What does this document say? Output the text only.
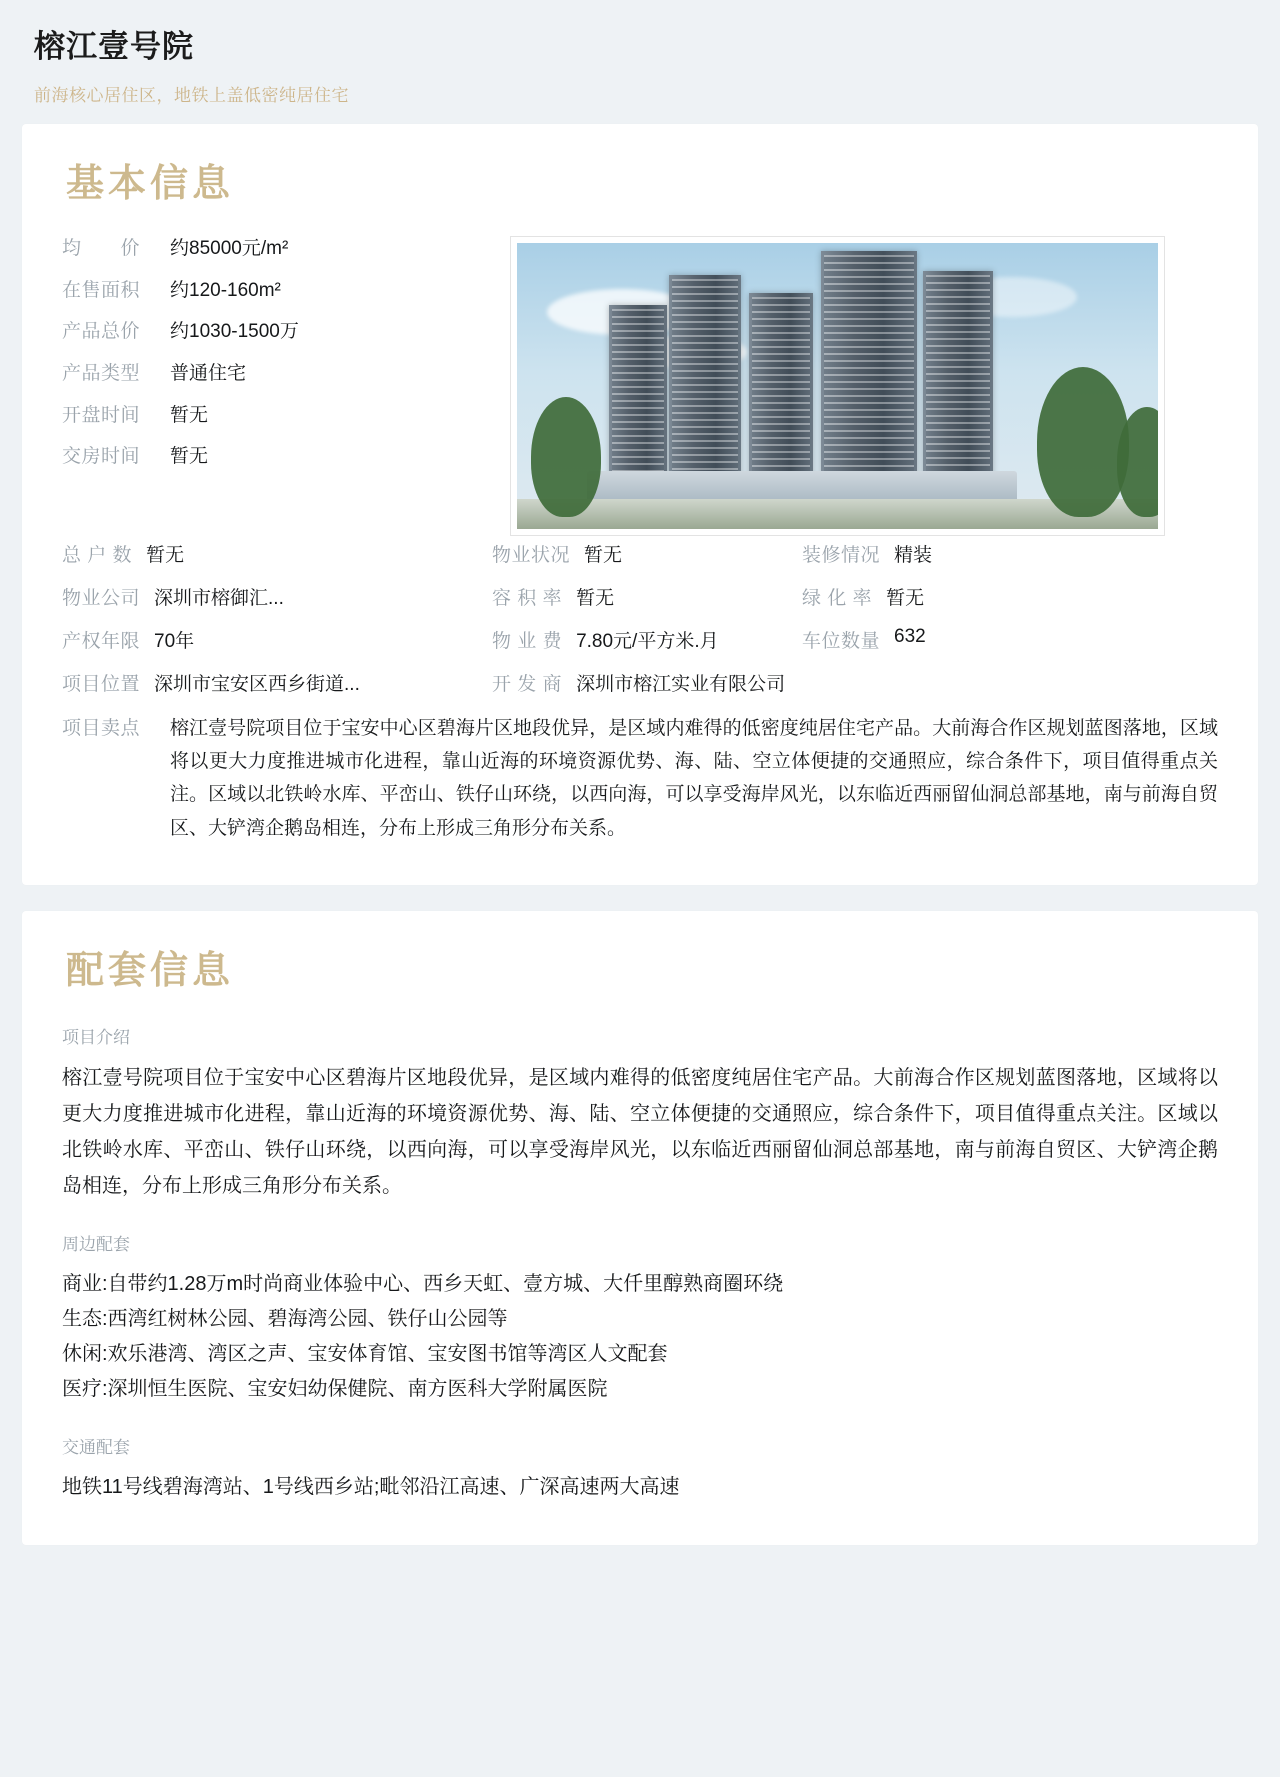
榕江壹号院

前海核心居住区，地铁上盖低密纯居住宅

基本信息
均　　价	约85000元/m²
在售面积	约120-160m²
产品总价	约1030-1500万
产品类型	普通住宅
开盘时间	暂无
交房时间	暂无
总 户 数 暂无	物业状况 暂无	装修情况 精装
物业公司 深圳市榕御汇...	容 积 率 暂无	绿 化 率 暂无
产权年限 70年	物 业 费 7.80元/平方米.月	车位数量 632
项目位置 深圳市宝安区西乡街道...	开 发 商 深圳市榕江实业有限公司
项目卖点	榕江壹号院项目位于宝安中心区碧海片区地段优异，是区域内难得的低密度纯居住宅产品。大前海合作区规划蓝图落地，区域将以更大力度推进城市化进程，靠山近海的环境资源优势、海、陆、空立体便捷的交通照应，综合条件下，项目值得重点关注。区域以北铁岭水库、平峦山、铁仔山环绕，以西向海，可以享受海岸风光，以东临近西丽留仙洞总部基地，南与前海自贸区、大铲湾企鹅岛相连，分布上形成三角形分布关系。
配套信息
项目介绍

榕江壹号院项目位于宝安中心区碧海片区地段优异，是区域内难得的低密度纯居住宅产品。大前海合作区规划蓝图落地，区域将以更大力度推进城市化进程，靠山近海的环境资源优势、海、陆、空立体便捷的交通照应，综合条件下，项目值得重点关注。区域以北铁岭水库、平峦山、铁仔山环绕，以西向海，可以享受海岸风光，以东临近西丽留仙洞总部基地，南与前海自贸区、大铲湾企鹅岛相连，分布上形成三角形分布关系。

周边配套

商业:自带约1.28万m时尚商业体验中心、西乡天虹、壹方城、大仟里醇熟商圈环绕

生态:西湾红树林公园、碧海湾公园、铁仔山公园等

休闲:欢乐港湾、湾区之声、宝安体育馆、宝安图书馆等湾区人文配套

医疗:深圳恒生医院、宝安妇幼保健院、南方医科大学附属医院

交通配套

地铁11号线碧海湾站、1号线西乡站;毗邻沿江高速、广深高速两大高速
